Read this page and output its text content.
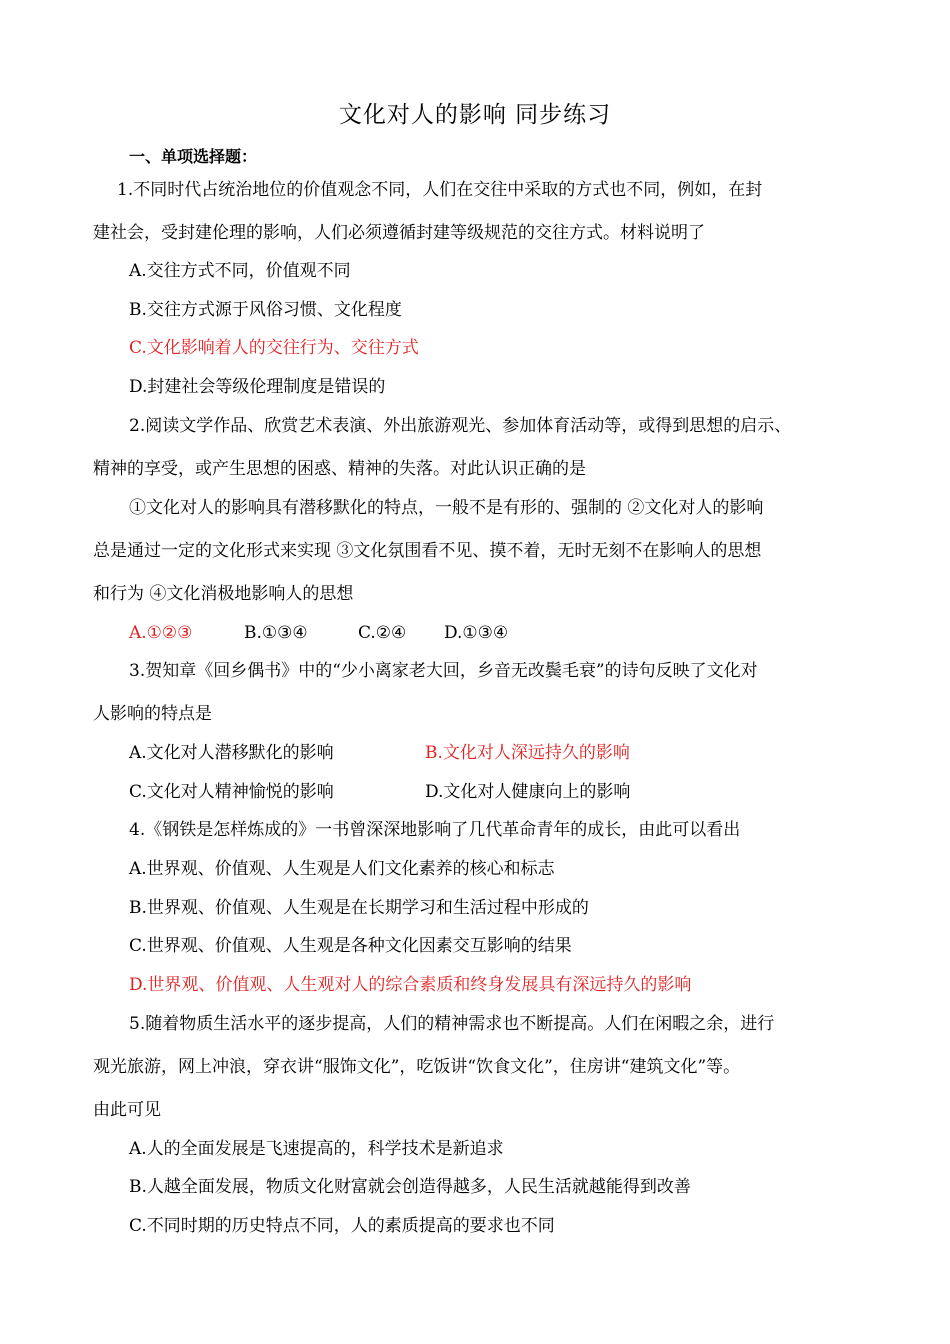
文化对人的影响 同步练习
一、单项选择题：
1.不同时代占统治地位的价值观念不同，人们在交往中采取的方式也不同，例如，在封
建社会，受封建伦理的影响，人们必须遵循封建等级规范的交往方式。材料说明了
A.交往方式不同，价值观不同
B.交往方式源于风俗习惯、文化程度
C.文化影响着人的交往行为、交往方式
D.封建社会等级伦理制度是错误的
2.阅读文学作品、欣赏艺术表演、外出旅游观光、参加体育活动等，或得到思想的启示、
精神的享受，或产生思想的困惑、精神的失落。对此认识正确的是
①文化对人的影响具有潜移默化的特点，一般不是有形的、强制的 ②文化对人的影响
总是通过一定的文化形式来实现 ③文化氛围看不见、摸不着，无时无刻不在影响人的思想
和行为 ④文化消极地影响人的思想
A.①②③	B.①③④	C.②④ D.①③④
3.贺知章《回乡偶书》中的“少小离家老大回，乡音无改鬓毛衰”的诗句反映了文化对
人影响的特点是
A.文化对人潜移默化的影响	B.文化对人深远持久的影响
C.文化对人精神愉悦的影响	D.文化对人健康向上的影响
4.《钢铁是怎样炼成的》一书曾深深地影响了几代革命青年的成长，由此可以看出
A.世界观、价值观、人生观是人们文化素养的核心和标志
B.世界观、价值观、人生观是在长期学习和生活过程中形成的
C.世界观、价值观、人生观是各种文化因素交互影响的结果
D.世界观、价值观、人生观对人的综合素质和终身发展具有深远持久的影响
5.随着物质生活水平的逐步提高，人们的精神需求也不断提高。人们在闲暇之余，进行
观光旅游，网上冲浪，穿衣讲“服饰文化”，吃饭讲“饮食文化”，住房讲“建筑文化”等。
由此可见
A.人的全面发展是飞速提高的，科学技术是新追求
B.人越全面发展，物质文化财富就会创造得越多，人民生活就越能得到改善
C.不同时期的历史特点不同，人的素质提高的要求也不同
